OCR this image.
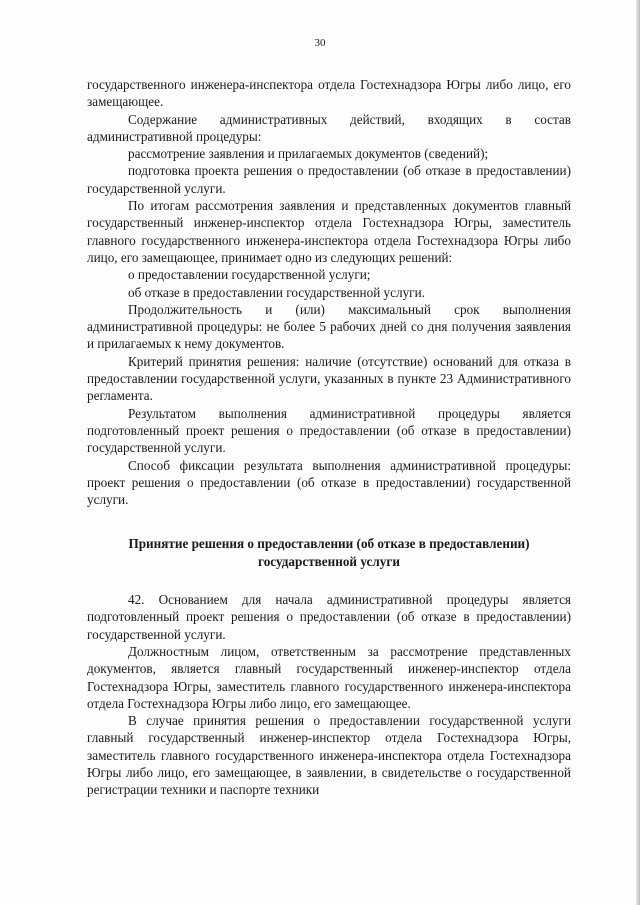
30

государственного инженера-инспектора отдела Гостехнадзора Югры либо лицо, его замещающее.

Содержание административных действий, входящих в состав административной процедуры:

рассмотрение заявления и прилагаемых документов (сведений);

подготовка проекта решения о предоставлении (об отказе в предоставлении) государственной услуги.

По итогам рассмотрения заявления и представленных документов главный государственный инженер-инспектор отдела Гостехнадзора Югры, заместитель главного государственного инженера-инспектора отдела Гостехнадзора Югры либо лицо, его замещающее, принимает одно из следующих решений:

о предоставлении государственной услуги;

об отказе в предоставлении государственной услуги.

Продолжительность и (или) максимальный срок выполнения административной процедуры: не более 5 рабочих дней со дня получения заявления и прилагаемых к нему документов.

Критерий принятия решения: наличие (отсутствие) оснований для отказа в предоставлении государственной услуги, указанных в пункте 23 Административного регламента.

Результатом выполнения административной процедуры является подготовленный проект решения о предоставлении (об отказе в предоставлении) государственной услуги.

Способ фиксации результата выполнения административной процедуры: проект решения о предоставлении (об отказе в предоставлении) государственной услуги.

Принятие решения о предоставлении (об отказе в предоставлении) государственной услуги

42. Основанием для начала административной процедуры является подготовленный проект решения о предоставлении (об отказе в предоставлении) государственной услуги.

Должностным лицом, ответственным за рассмотрение представленных документов, является главный государственный инженер-инспектор отдела Гостехнадзора Югры, заместитель главного государственного инженера-инспектора отдела Гостехнадзора Югры либо лицо, его замещающее.

В случае принятия решения о предоставлении государственной услуги главный государственный инженер-инспектор отдела Гостехнадзора Югры, заместитель главного государственного инженера-инспектора отдела Гостехнадзора Югры либо лицо, его замещающее, в заявлении, в свидетельстве о государственной регистрации техники и паспорте техники
